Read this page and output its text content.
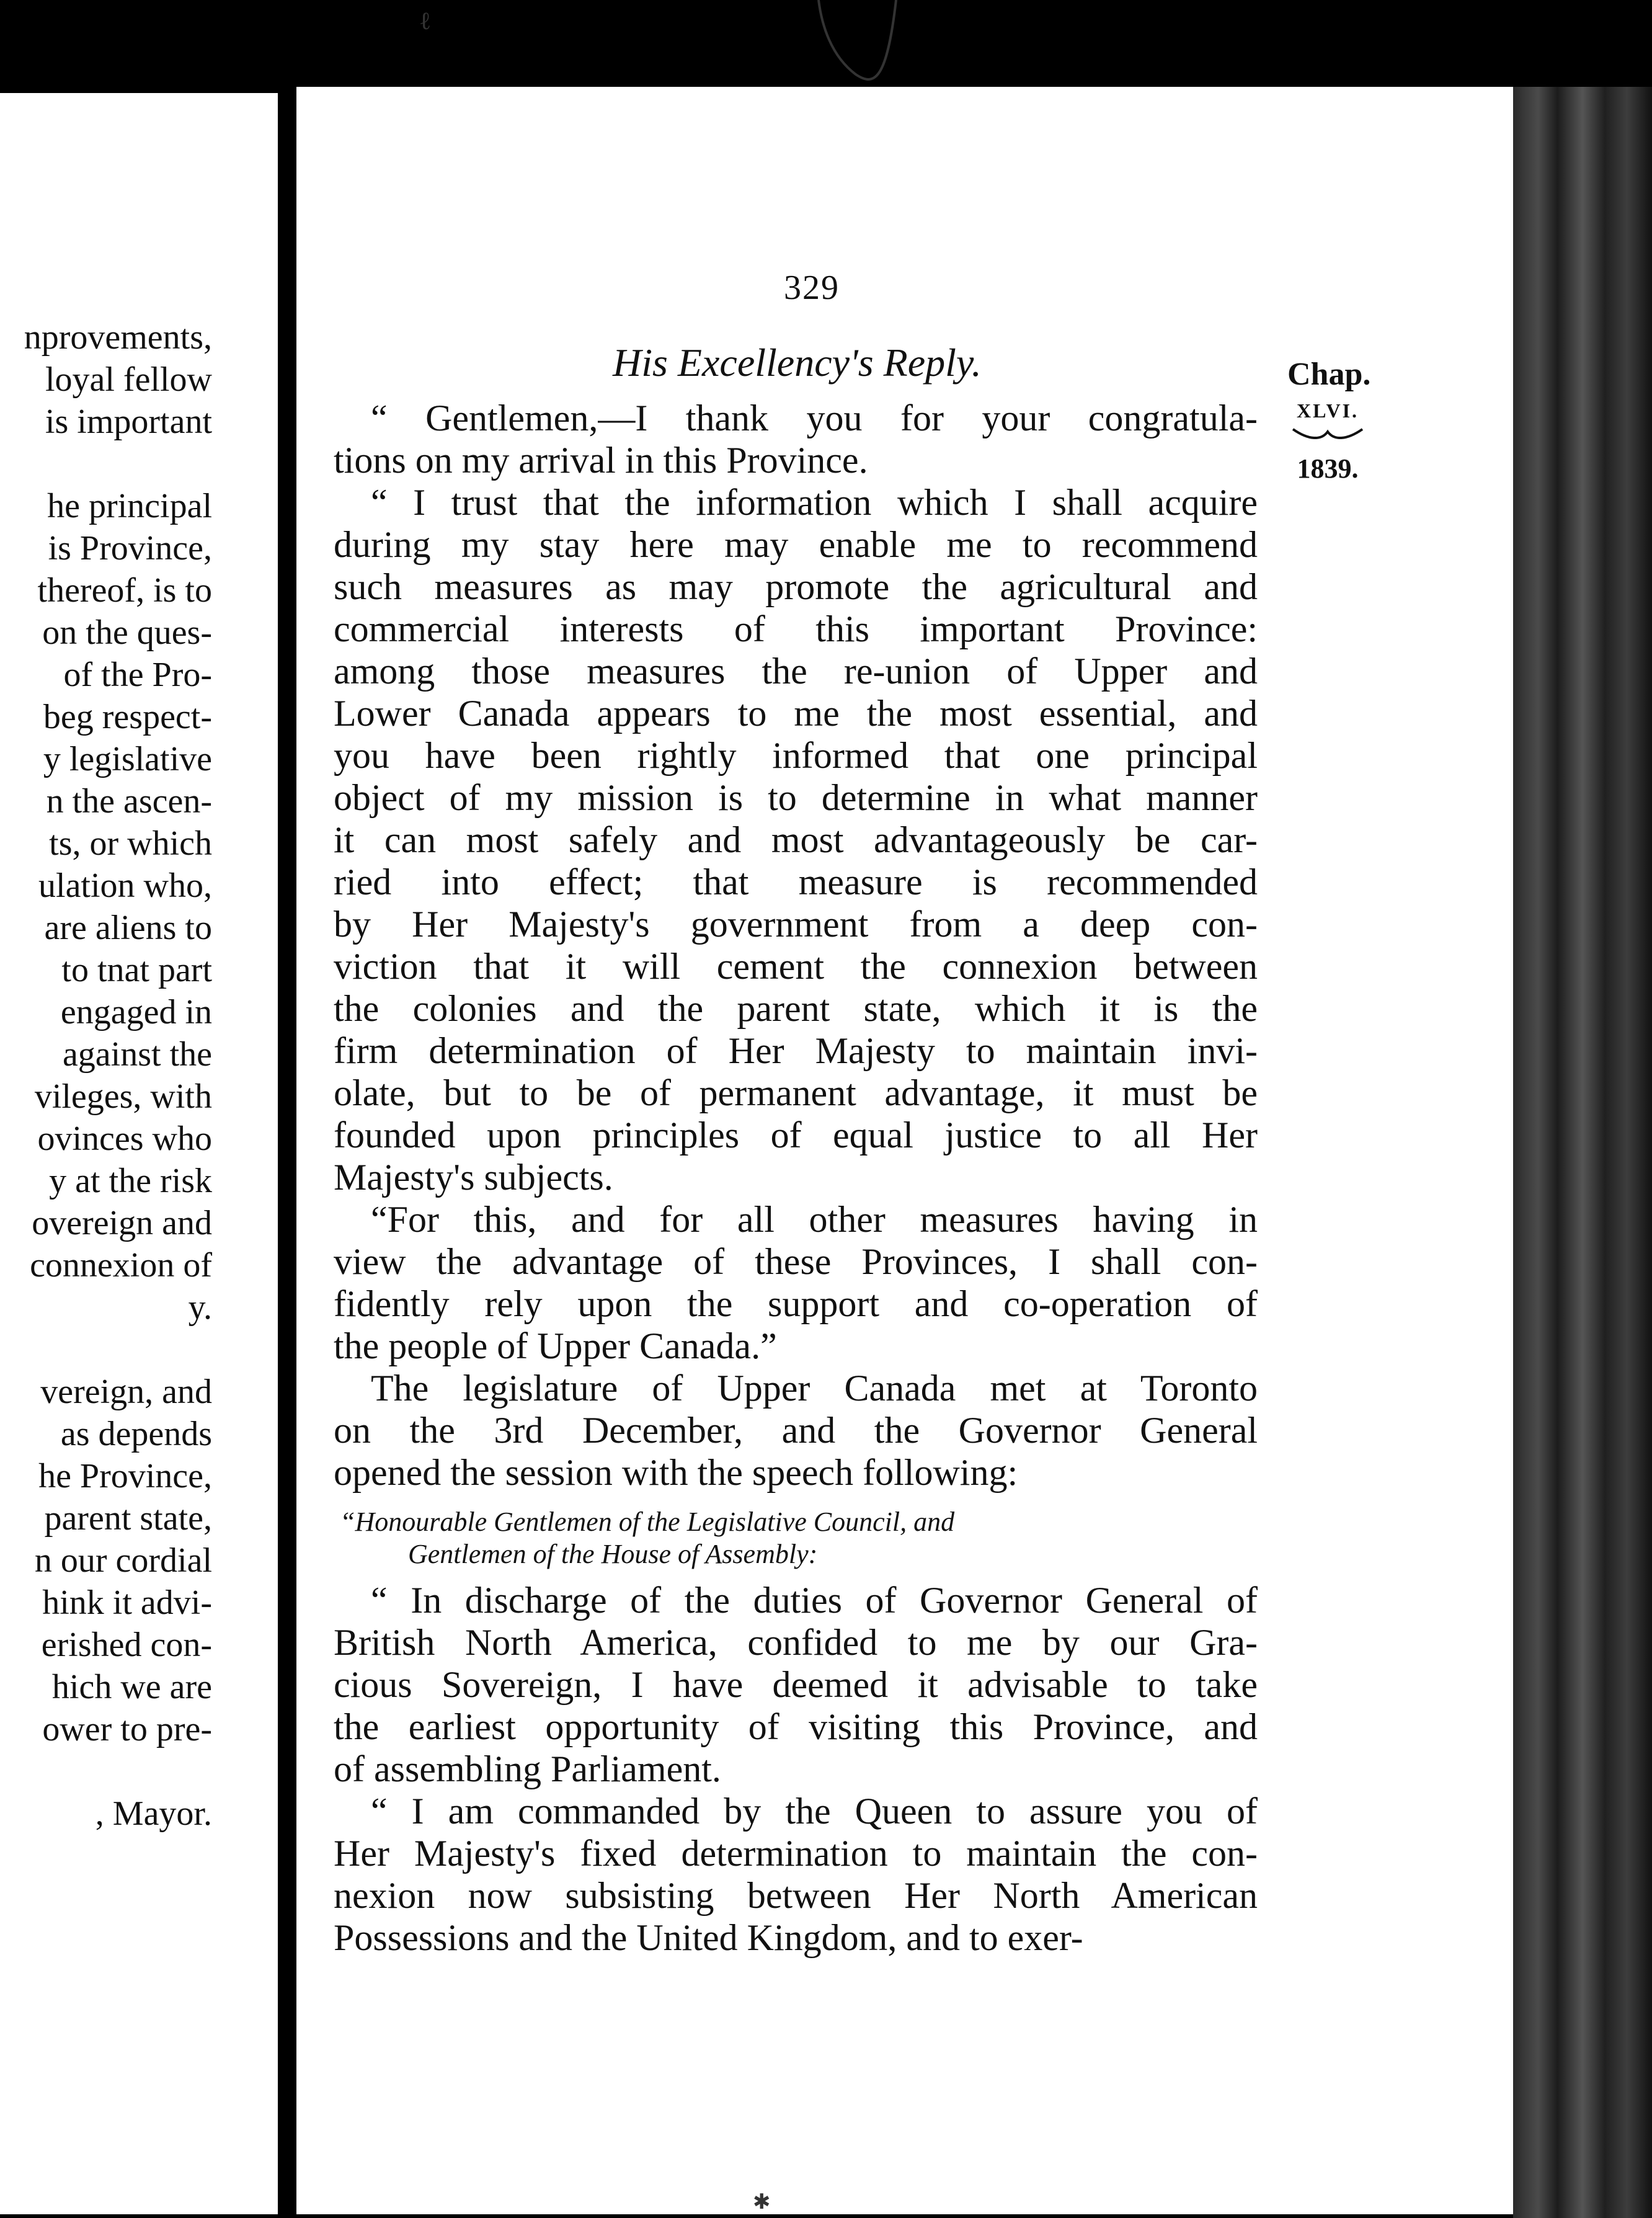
nprovements,
loyal fellow
is important
he principal
is Province,
thereof, is to
on the ques-
of the Pro-
beg respect-
y legislative
n the ascen-
ts, or which
ulation who,
are aliens to
to tnat part
engaged in
against the
vileges, with
ovinces who
y at the risk
overeign and
connexion of
y.
vereign, and
as depends
he Province,
parent state,
n our cordial
hink it advi-
erished con-
hich we are
ower to pre-
, Mayor.
ℓ
329
His Excellency's Reply.	Chap.
XLVI.
1839.
“ Gentlemen,—I thank you for your congratula-
tions on my arrival in this Province.
“ I trust that the information which I shall acquire
during my stay here may enable me to recommend
such measures as may promote the agricultural and
commercial interests of this important Province:
among those measures the re-union of Upper and
Lower Canada appears to me the most essential, and
you have been rightly informed that one principal
object of my mission is to determine in what manner
it can most safely and most advantageously be car-
ried into effect; that measure is recommended
by Her Majesty's government from a deep con-
viction that it will cement the connexion between
the colonies and the parent state, which it is the
firm determination of Her Majesty to maintain invi-
olate, but to be of permanent advantage, it must be
founded upon principles of equal justice to all Her
Majesty's subjects.
“For this, and for all other measures having in
view the advantage of these Provinces, I shall con-
fidently rely upon the support and co-operation of
the people of Upper Canada.”
The legislature of Upper Canada met at Toronto
on the 3rd December, and the Governor General
opened the session with the speech following:
“Honourable Gentlemen of the Legislative Council, and
Gentlemen of the House of Assembly:
“ In discharge of the duties of Governor General of
British North America, confided to me by our Gra-
cious Sovereign, I have deemed it advisable to take
the earliest opportunity of visiting this Province, and
of assembling Parliament.
“ I am commanded by the Queen to assure you of
Her Majesty's fixed determination to maintain the con-
nexion now subsisting between Her North American
Possessions and the United Kingdom, and to exer-
✱
